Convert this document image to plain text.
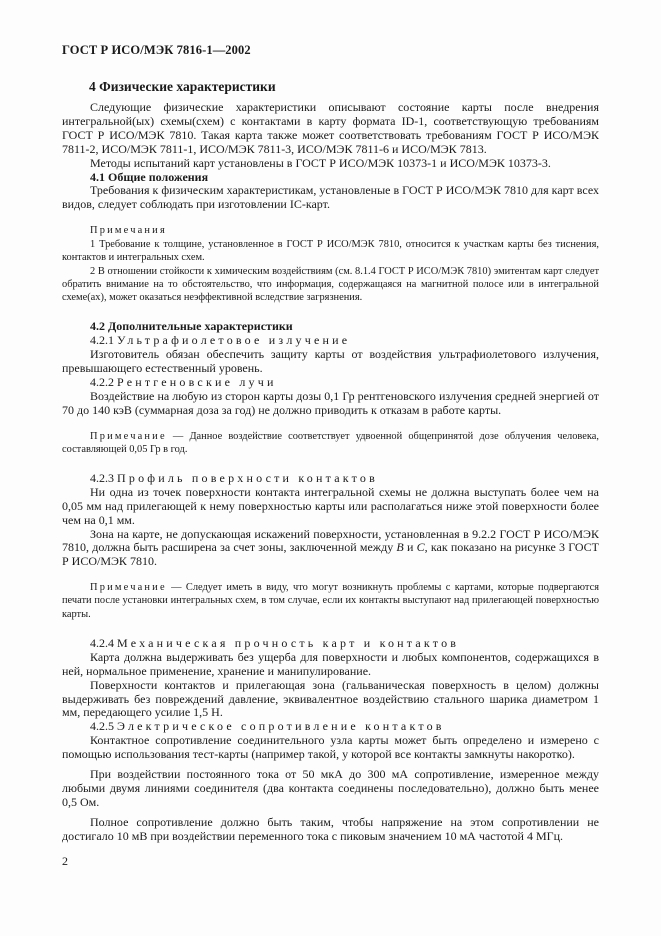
ГОСТ Р ИСО/МЭК 7816-1—2002
4 Физические характеристики

Следующие физические характеристики описывают состояние карты после внедрения интегральной(ых) схемы(схем) с контактами в карту формата ID-1, соответствующую требованиям ГОСТ Р ИСО/МЭК 7810. Такая карта также может соответствовать требованиям ГОСТ Р ИСО/МЭК 7811-2, ИСО/МЭК 7811-1, ИСО/МЭК 7811-3, ИСО/МЭК 7811-6 и ИСО/МЭК 7813.

Методы испытаний карт установлены в ГОСТ Р ИСО/МЭК 10373-1 и ИСО/МЭК 10373-3.

4.1 Общие положения

Требования к физическим характеристикам, установленые в ГОСТ Р ИСО/МЭК 7810 для карт всех видов, следует соблюдать при изготовлении IC-карт.

Примечания

1 Требование к толщине, установленное в ГОСТ Р ИСО/МЭК 7810, относится к участкам карты без тиснения, контактов и интегральных схем.

2 В отношении стойкости к химическим воздействиям (см. 8.1.4 ГОСТ Р ИСО/МЭК 7810) эмитентам карт следует обратить внимание на то обстоятельство, что информация, содержащаяся на магнитной полосе или в интегральной схеме(ах), может оказаться неэффективной вследствие загрязнения.

4.2 Дополнительные характеристики

4.2.1 Ультрафиолетовое излучение

Изготовитель обязан обеспечить защиту карты от воздействия ультрафиолетового излучения, превышающего естественный уровень.

4.2.2 Рентгеновские лучи

Воздействие на любую из сторон карты дозы 0,1 Гр рентгеновского излучения средней энергией от 70 до 140 кэВ (суммарная доза за год) не должно приводить к отказам в работе карты.

Примечание — Данное воздействие соответствует удвоенной общепринятой дозе облучения человека, составляющей 0,05 Гр в год.

4.2.3 Профиль поверхности контактов

Ни одна из точек поверхности контакта интегральной схемы не должна выступать более чем на 0,05 мм над прилегающей к нему поверхностью карты или располагаться ниже этой поверхности более чем на 0,1 мм.

Зона на карте, не допускающая искажений поверхности, установленная в 9.2.2 ГОСТ Р ИСО/МЭК 7810, должна быть расширена за счет зоны, заключенной между B и C, как показано на рисунке 3 ГОСТ Р ИСО/МЭК 7810.

Примечание — Следует иметь в виду, что могут возникнуть проблемы с картами, которые подвергаются печати после установки интегральных схем, в том случае, если их контакты выступают над прилегающей поверхностью карты.

4.2.4 Механическая прочность карт и контактов

Карта должна выдерживать без ущерба для поверхности и любых компонентов, содержащихся в ней, нормальное применение, хранение и манипулирование.

Поверхности контактов и прилегающая зона (гальваническая поверхность в целом) должны выдерживать без повреждений давление, эквивалентное воздействию стального шарика диаметром 1 мм, передающего усилие 1,5 Н.

4.2.5 Электрическое сопротивление контактов

Контактное сопротивление соединительного узла карты может быть определено и измерено с помощью использования тест-карты (например такой, у которой все контакты замкнуты накоротко).

При воздействии постоянного тока от 50 мкА до 300 мА сопротивление, измеренное между любыми двумя линиями соединителя (два контакта соединены последовательно), должно быть менее 0,5 Ом.

Полное сопротивление должно быть таким, чтобы напряжение на этом сопротивлении не достигало 10 мВ при воздействии переменного тока с пиковым значением 10 мА частотой 4 МГц.

2
